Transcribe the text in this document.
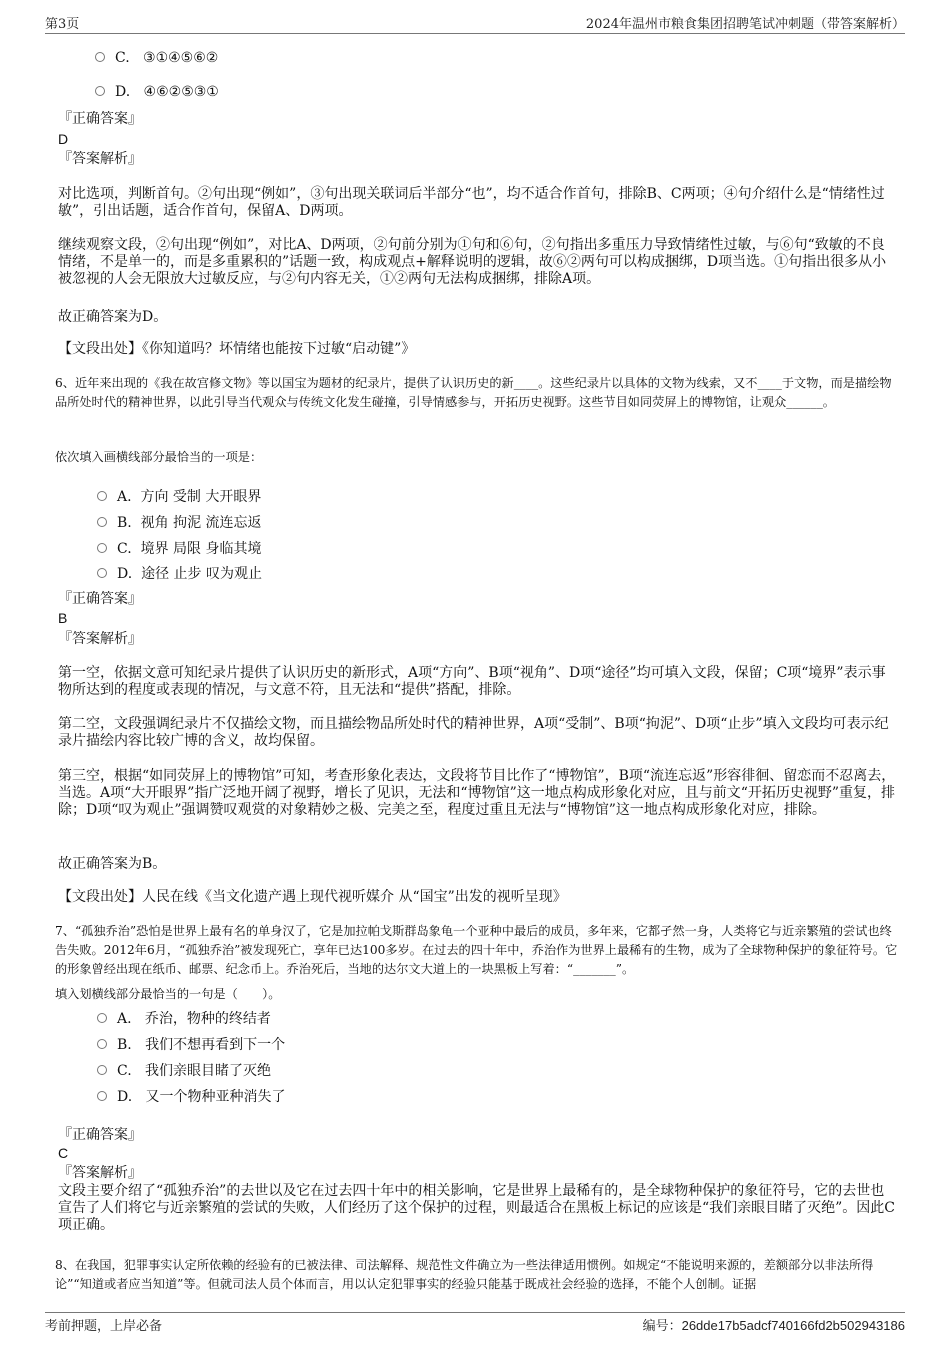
第3页	2024年温州市粮食集团招聘笔试冲刺题（带答案解析）
C. ③①④⑤⑥②
D. ④⑥②⑤③①
『正确答案』
D
『答案解析』
对比选项，判断首句。②句出现“例如”，③句出现关联词后半部分“也”，均不适合作首句，排除B、C两项；④句介绍什么是“情绪性过敏”，引出话题，适合作首句，保留A、D两项。
继续观察文段，②句出现“例如”，对比A、D两项，②句前分别为①句和⑥句，②句指出多重压力导致情绪性过敏，与⑥句“致敏的不良情绪，不是单一的，而是多重累积的”话题一致，构成观点+解释说明的逻辑，故⑥②两句可以构成捆绑，D项当选。①句指出很多从小被忽视的人会无限放大过敏反应，与②句内容无关，①②两句无法构成捆绑，排除A项。
故正确答案为D。
【文段出处】《你知道吗？坏情绪也能按下过敏“启动键”》
6、近年来出现的《我在故宫修文物》等以国宝为题材的纪录片，提供了认识历史的新____。这些纪录片以具体的文物为线索，又不____于文物，而是描绘物品所处时代的精神世界，以此引导当代观众与传统文化发生碰撞，引导情感参与，开拓历史视野。这些节目如同荧屏上的博物馆，让观众______。
依次填入画横线部分最恰当的一项是：
A. 方向 受制 大开眼界
B. 视角 拘泥 流连忘返
C. 境界 局限 身临其境
D. 途径 止步 叹为观止
『正确答案』
B
『答案解析』
第一空，依据文意可知纪录片提供了认识历史的新形式，A项“方向”、B项“视角”、D项“途径”均可填入文段，保留；C项“境界”表示事物所达到的程度或表现的情况，与文意不符，且无法和“提供”搭配，排除。
第二空，文段强调纪录片不仅描绘文物，而且描绘物品所处时代的精神世界，A项“受制”、B项“拘泥”、D项“止步”填入文段均可表示纪录片描绘内容比较广博的含义，故均保留。
第三空，根据“如同荧屏上的博物馆”可知，考查形象化表达，文段将节目比作了“博物馆”，B项“流连忘返”形容徘徊、留恋而不忍离去，当选。A项“大开眼界”指广泛地开阔了视野，增长了见识，无法和“博物馆”这一地点构成形象化对应，且与前文“开拓历史视野”重复，排除；D项“叹为观止”强调赞叹观赏的对象精妙之极、完美之至，程度过重且无法与“博物馆”这一地点构成形象化对应，排除。
故正确答案为B。
【文段出处】人民在线《当文化遗产遇上现代视听媒介 从“国宝”出发的视听呈现》
7、“孤独乔治”恐怕是世界上最有名的单身汉了，它是加拉帕戈斯群岛象龟一个亚种中最后的成员，多年来，它都孑然一身，人类将它与近亲繁殖的尝试也终告失败。2012年6月，“孤独乔治”被发现死亡，享年已达100多岁。在过去的四十年中，乔治作为世界上最稀有的生物，成为了全球物种保护的象征符号。它的形象曾经出现在纸币、邮票、纪念币上。乔治死后，当地的达尔文大道上的一块黑板上写着：“_______”。
填入划横线部分最恰当的一句是（　　）。
A. 乔治，物种的终结者
B. 我们不想再看到下一个
C. 我们亲眼目睹了灭绝
D. 又一个物种亚种消失了
『正确答案』
C
『答案解析』
文段主要介绍了“孤独乔治”的去世以及它在过去四十年中的相关影响，它是世界上最稀有的，是全球物种保护的象征符号，它的去世也宣告了人们将它与近亲繁殖的尝试的失败，人们经历了这个保护的过程，则最适合在黑板上标记的应该是“我们亲眼目睹了灭绝”。因此C项正确。
8、在我国，犯罪事实认定所依赖的经验有的已被法律、司法解释、规范性文件确立为一些法律适用惯例。如规定“不能说明来源的，差额部分以非法所得论”“知道或者应当知道”等。但就司法人员个体而言，用以认定犯罪事实的经验只能基于既成社会经验的选择，不能个人创制。证据
考前押题，上岸必备	编号：26dde17b5adcf740166fd2b502943186
